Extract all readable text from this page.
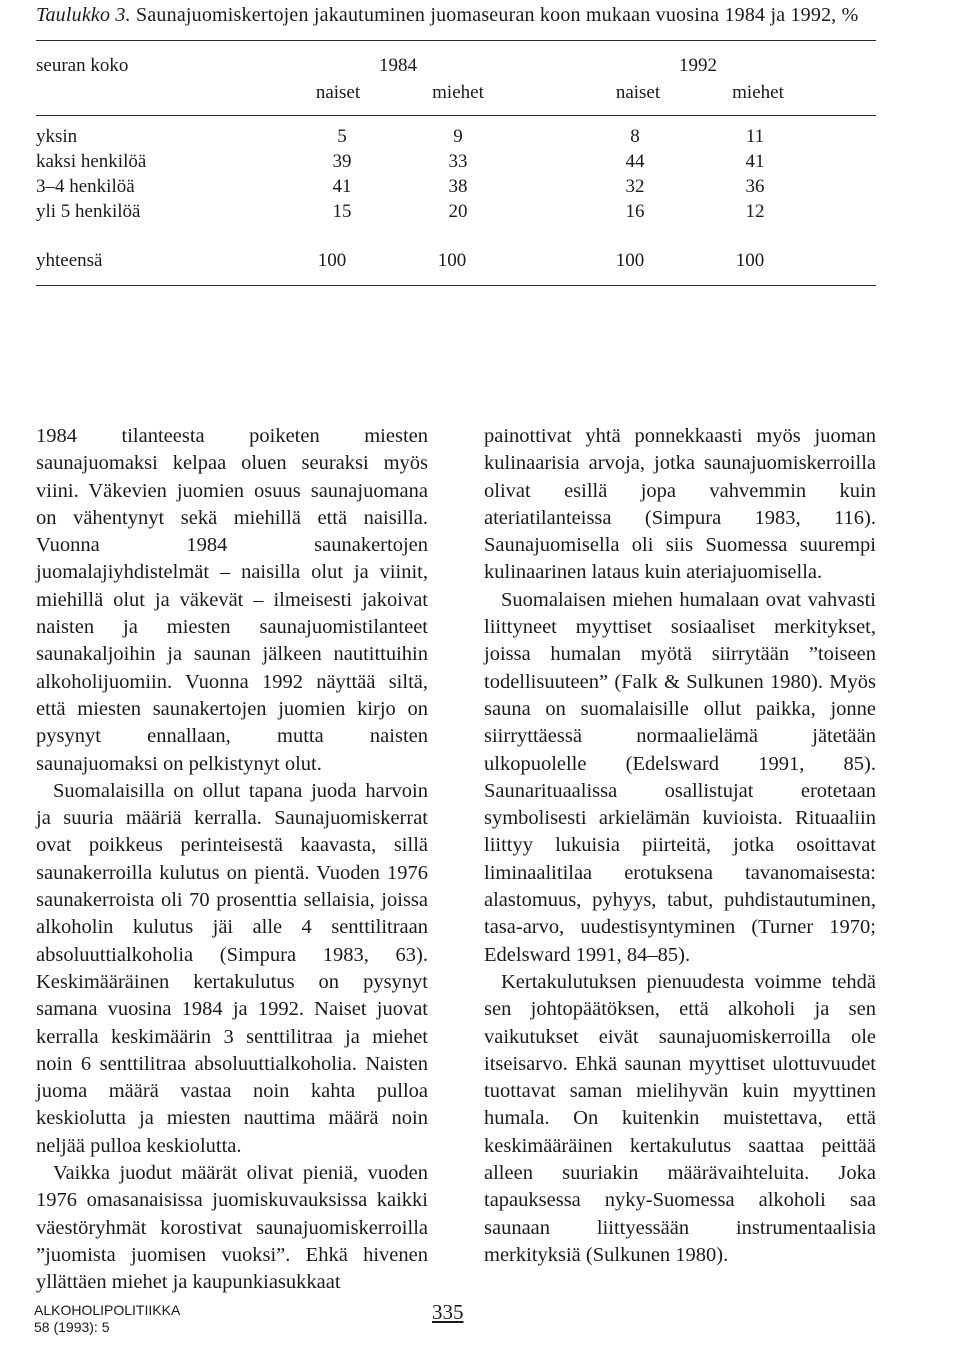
Taulukko 3. Saunajuomiskertojen jakautuminen juomaseuran koon mukaan vuosina 1984 ja 1992, %
seuran koko	1984	1992
naiset	miehet	naiset	miehet
yksin	5	9	8	11
kaksi henkilöä	39	33	44	41
3–4 henkilöä	41	38	32	36
yli 5 henkilöä	15	20	16	12
yhteensä	100	100	100	100

1984 tilanteesta poiketen miesten saunajuomaksi kelpaa oluen seuraksi myös viini. Väkevien juomien osuus saunajuomana on vähentynyt sekä miehillä että naisilla. Vuonna 1984 saunakertojen juomalajiyhdistelmät – naisilla olut ja viinit, miehillä olut ja väkevät – ilmeisesti jakoivat naisten ja miesten saunajuomistilanteet saunakaljoihin ja saunan jälkeen nautittuihin alkoholijuomiin. Vuonna 1992 näyttää siltä, että miesten saunakertojen juomien kirjo on pysynyt ennallaan, mutta naisten saunajuomaksi on pelkistynyt olut.

Suomalaisilla on ollut tapana juoda harvoin ja suuria määriä kerralla. Saunajuomiskerrat ovat poikkeus perinteisestä kaavasta, sillä saunakerroilla kulutus on pientä. Vuoden 1976 saunakerroista oli 70 prosenttia sellaisia, joissa alkoholin kulutus jäi alle 4 senttilitraan absoluuttialkoholia (Simpura 1983, 63). Keskimääräinen kertakulutus on pysynyt samana vuosina 1984 ja 1992. Naiset juovat kerralla keskimäärin 3 senttilitraa ja miehet noin 6 senttilitraa absoluuttialkoholia. Naisten juoma määrä vastaa noin kahta pulloa keskiolutta ja miesten nauttima määrä noin neljää pulloa keskiolutta.

Vaikka juodut määrät olivat pieniä, vuoden 1976 omasanaisissa juomiskuvauksissa kaikki väestöryhmät korostivat saunajuomiskerroilla ”juomista juomisen vuoksi”. Ehkä hivenen yllättäen miehet ja kaupunkiasukkaat

painottivat yhtä ponnekkaasti myös juoman kulinaarisia arvoja, jotka saunajuomiskerroilla olivat esillä jopa vahvemmin kuin ateriatilanteissa (Simpura 1983, 116). Saunajuomisella oli siis Suomessa suurempi kulinaarinen lataus kuin ateriajuomisella.

Suomalaisen miehen humalaan ovat vahvasti liittyneet myyttiset sosiaaliset merkitykset, joissa humalan myötä siirrytään ”toiseen todellisuuteen” (Falk & Sulkunen 1980). Myös sauna on suomalaisille ollut paikka, jonne siirryttäessä normaalielämä jätetään ulkopuolelle (Edelsward 1991, 85). Saunarituaalissa osallistujat erotetaan symbolisesti arkielämän kuvioista. Rituaaliin liittyy lukuisia piirteitä, jotka osoittavat liminaalitilaa erotuksena tavanomaisesta: alastomuus, pyhyys, tabut, puhdistautuminen, tasa-arvo, uudestisyntyminen (Turner 1970; Edelsward 1991, 84–85).

Kertakulutuksen pienuudesta voimme tehdä sen johtopäätöksen, että alkoholi ja sen vaikutukset eivät saunajuomiskerroilla ole itseisarvo. Ehkä saunan myyttiset ulottuvuudet tuottavat saman mielihyvän kuin myyttinen humala. On kuitenkin muistettava, että keskimääräinen kertakulutus saattaa peittää alleen suuriakin määrävaihteluita. Joka tapauksessa nyky-Suomessa alkoholi saa saunaan liittyessään instrumentaalisia merkityksiä (Sulkunen 1980).

ALKOHOLIPOLITIIKKA
58 (1993): 5
335
